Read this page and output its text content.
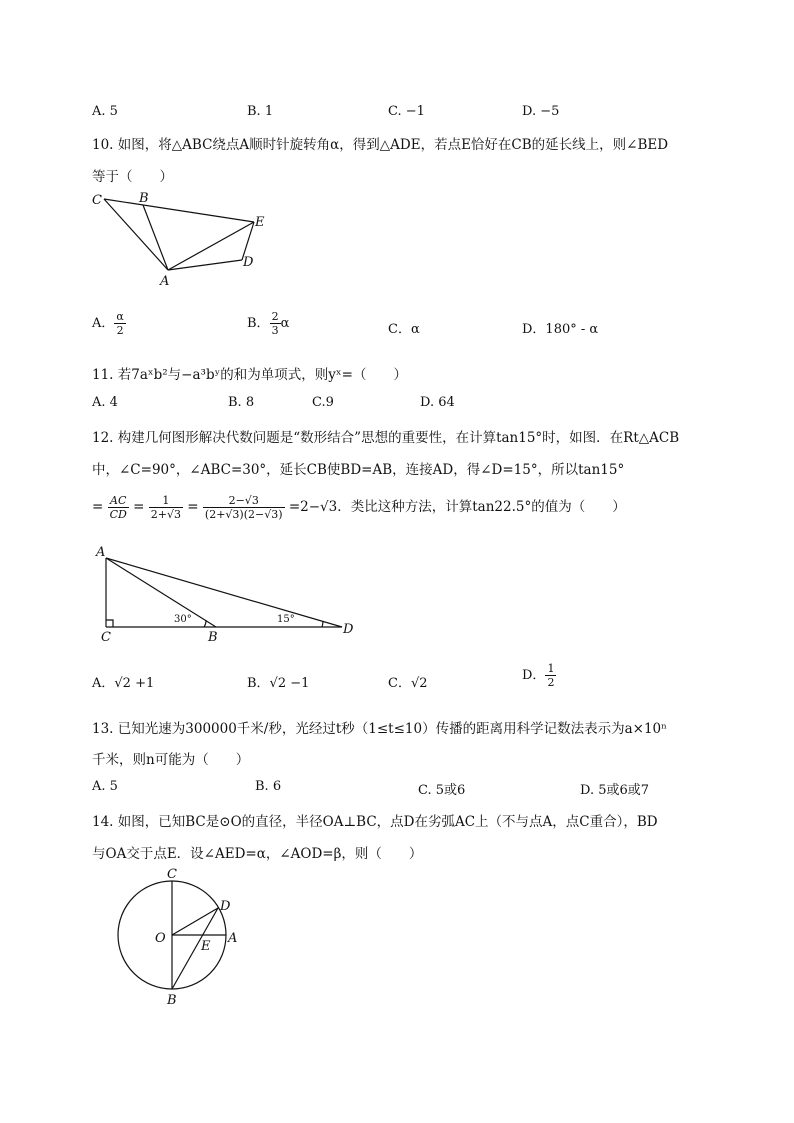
A. 5	B. 1	C. −1	D. −5
10. 如图，将△ABC绕点A顺时针旋转角α，得到△ADE，若点E恰好在CB的延长线上，则∠BED
等于（　　）
C	B
E
D
A
A． $\frac{\alpha}{2}$	B． $\frac{2}{3}$ α	C．α	D．180° - α
11. 若7aˣb²与−a³bʸ的和为单项式，则yˣ=（　　）
A. 4	B. 8	C.9	D. 64
12. 构建几何图形解决代数问题是“数形结合”思想的重要性，在计算tan15°时，如图．在Rt△ACB
中，∠C=90°，∠ABC=30°，延长CB使BD=AB，连接AD，得∠D=15°，所以tan15°
= $\frac{AC}{CD} = \frac{1}{2+√3} = \frac{2-√3}{(2+√3)(2-√3)} =2-√3$．类比这种方法，计算tan22.5°的值为（　　）
A
C	B
D
30°	15°
A．√2 +1	B．√2 −1	C．√2
D． $\frac{1}{2}$
13. 已知光速为300000千米/秒，光经过t秒（1≤t≤10）传播的距离用科学记数法表示为a×10ⁿ
千米，则n可能为（　　）
A. 5	B. 6	C. 5或6	D. 5或6或7
14. 如图，已知BC是⊙O的直径，半径OA⊥BC，点D在劣弧AC上（不与点A，点C重合），BD
与OA交于点E．设∠AED=α，∠AOD=β，则（　　）
C
D
O
E
A
B
